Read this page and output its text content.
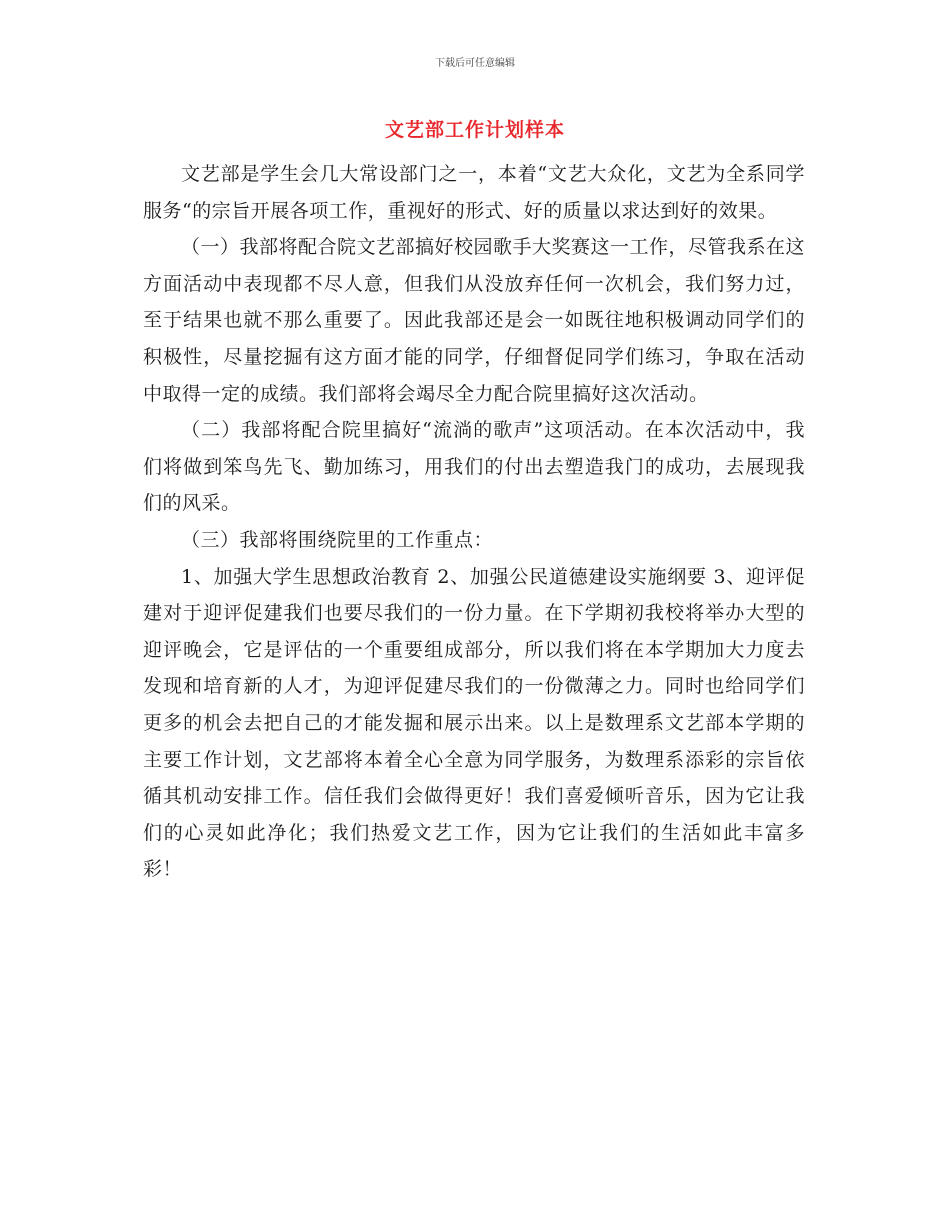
下载后可任意编辑
文艺部工作计划样本

文艺部是学生会几大常设部门之一，本着“文艺大众化，文艺为全系同学服务“的宗旨开展各项工作，重视好的形式、好的质量以求达到好的效果。

（一）我部将配合院文艺部搞好校园歌手大奖赛这一工作，尽管我系在这方面活动中表现都不尽人意，但我们从没放弃任何一次机会，我们努力过，至于结果也就不那么重要了。因此我部还是会一如既往地积极调动同学们的积极性，尽量挖掘有这方面才能的同学，仔细督促同学们练习，争取在活动中取得一定的成绩。我们部将会竭尽全力配合院里搞好这次活动。

（二）我部将配合院里搞好“流淌的歌声”这项活动。在本次活动中，我们将做到笨鸟先飞、勤加练习，用我们的付出去塑造我门的成功，去展现我们的风采。

（三）我部将围绕院里的工作重点：

1、加强大学生思想政治教育 2、加强公民道德建设实施纲要 3、迎评促建对于迎评促建我们也要尽我们的一份力量。在下学期初我校将举办大型的迎评晚会，它是评估的一个重要组成部分，所以我们将在本学期加大力度去发现和培育新的人才，为迎评促建尽我们的一份微薄之力。同时也给同学们更多的机会去把自己的才能发掘和展示出来。以上是数理系文艺部本学期的主要工作计划，文艺部将本着全心全意为同学服务，为数理系添彩的宗旨依循其机动安排工作。信任我们会做得更好！我们喜爱倾听音乐，因为它让我们的心灵如此净化；我们热爱文艺工作，因为它让我们的生活如此丰富多彩！
